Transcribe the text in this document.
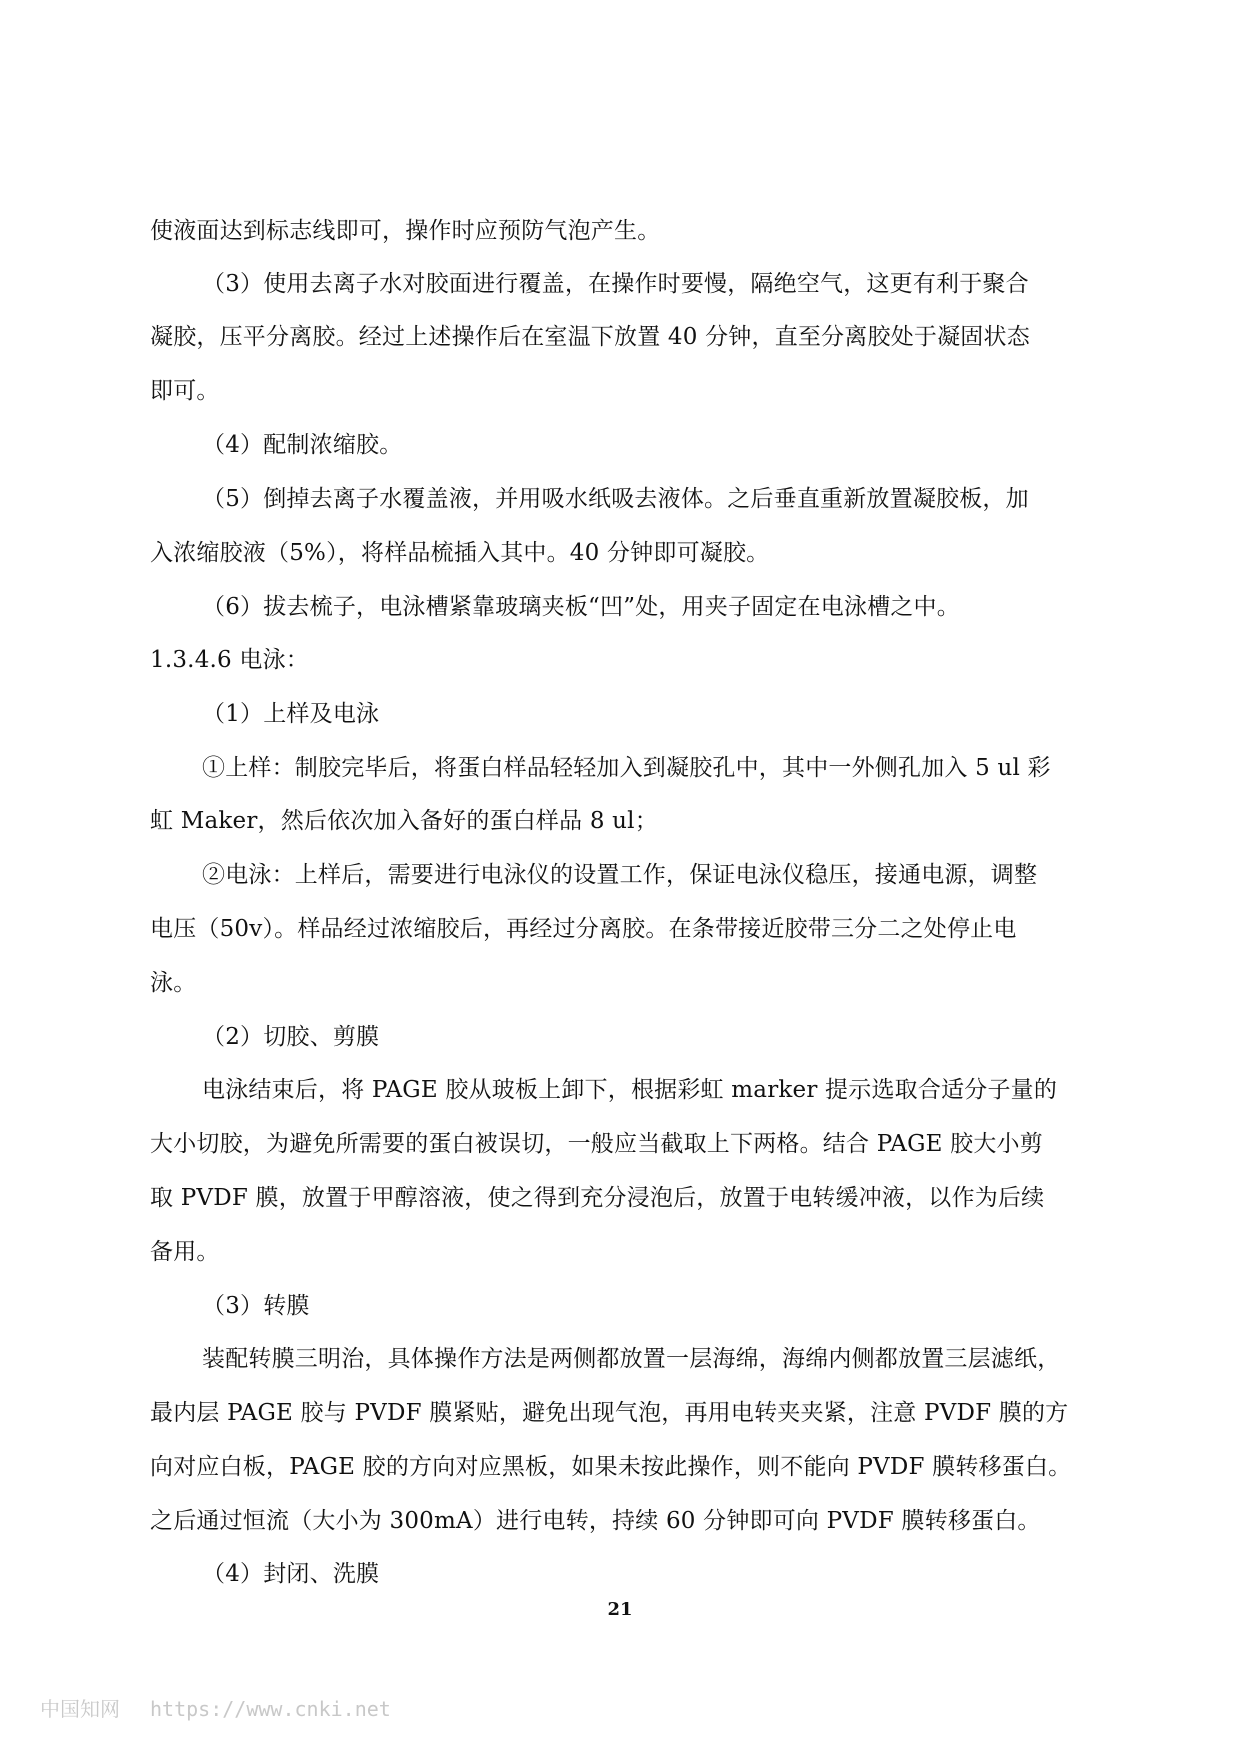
使液面达到标志线即可，操作时应预防气泡产生。
（3）使用去离子水对胶面进行覆盖，在操作时要慢，隔绝空气，这更有利于聚合
凝胶，压平分离胶。经过上述操作后在室温下放置 40 分钟，直至分离胶处于凝固状态
即可。
（4）配制浓缩胶。
（5）倒掉去离子水覆盖液，并用吸水纸吸去液体。之后垂直重新放置凝胶板，加
入浓缩胶液（5%），将样品梳插入其中。40 分钟即可凝胶。
（6）拔去梳子，电泳槽紧靠玻璃夹板“凹”处，用夹子固定在电泳槽之中。
1.3.4.6 电泳：
（1）上样及电泳
①上样：制胶完毕后，将蛋白样品轻轻加入到凝胶孔中，其中一外侧孔加入 5 ul 彩
虹 Maker，然后依次加入备好的蛋白样品 8 ul；
②电泳：上样后，需要进行电泳仪的设置工作，保证电泳仪稳压，接通电源，调整
电压（50v）。样品经过浓缩胶后，再经过分离胶。在条带接近胶带三分二之处停止电
泳。
（2）切胶、剪膜
电泳结束后，将 PAGE 胶从玻板上卸下，根据彩虹 marker 提示选取合适分子量的
大小切胶，为避免所需要的蛋白被误切，一般应当截取上下两格。结合 PAGE 胶大小剪
取 PVDF 膜，放置于甲醇溶液，使之得到充分浸泡后，放置于电转缓冲液，以作为后续
备用。
（3）转膜
装配转膜三明治，具体操作方法是两侧都放置一层海绵，海绵内侧都放置三层滤纸，
最内层 PAGE 胶与 PVDF 膜紧贴，避免出现气泡，再用电转夹夹紧，注意 PVDF 膜的方
向对应白板，PAGE 胶的方向对应黑板，如果未按此操作，则不能向 PVDF 膜转移蛋白。
之后通过恒流（大小为 300mA）进行电转，持续 60 分钟即可向 PVDF 膜转移蛋白。
（4）封闭、洗膜
21
中国知网 https://www.cnki.net
